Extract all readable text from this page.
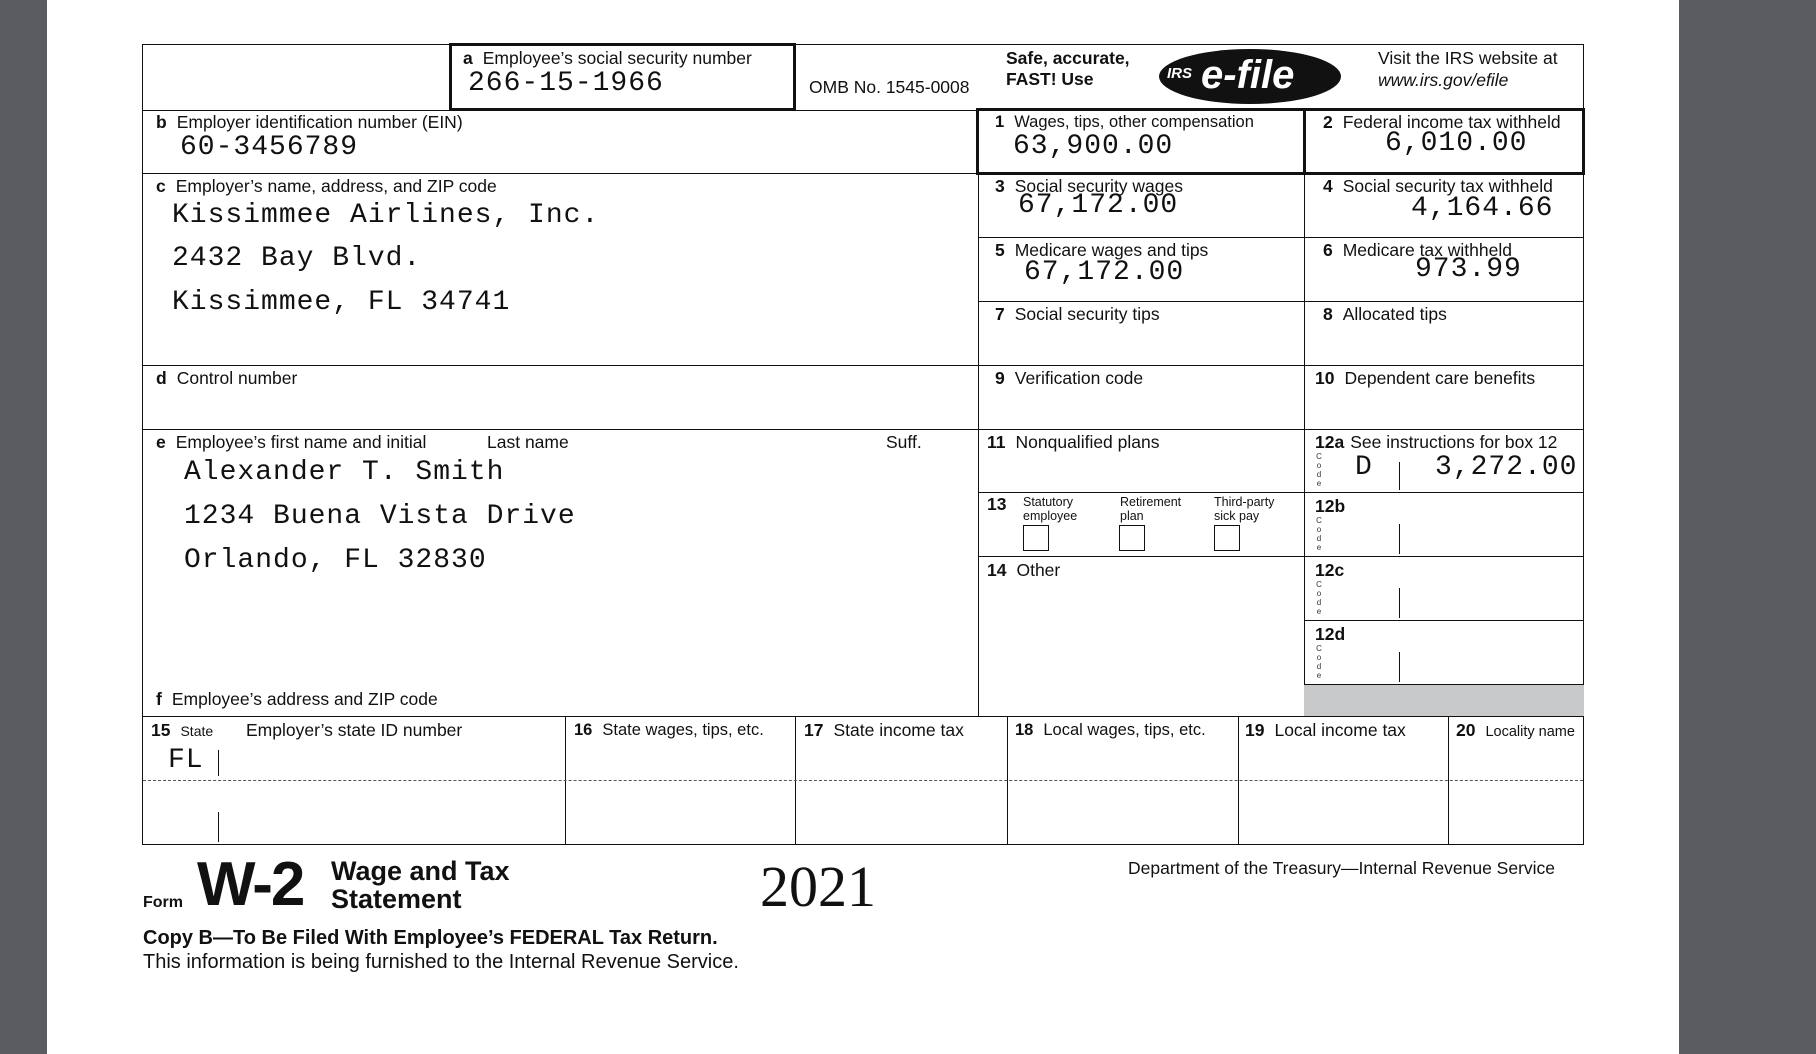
a Employee’s social security number
266-15-1966	OMB No. 1545-0008
Safe, accurate,
FAST! Use	IRS e-file	Visit the IRS website at
www.irs.gov/efile
b Employer identification number (EIN)
60-3456789
c Employer’s name, address, and ZIP code
Kissimmee Airlines, Inc.
2432 Bay Blvd.
Kissimmee, FL 34741
d Control number
e Employee’s first name and initial	Last name	Suff.
Alexander T. Smith
1234 Buena Vista Drive
Orlando, FL 32830
f Employee’s address and ZIP code
1 Wages, tips, other compensation
63,900.00
2 Federal income tax withheld
6,010.00
3 Social security wages
67,172.00
4 Social security tax withheld
4,164.66
5 Medicare wages and tips
67,172.00
6 Medicare tax withheld
973.99
7 Social security tips	8 Allocated tips
9 Verification code	10 Dependent care benefits
11 Nonqualified plans	12a See instructions for box 12
C
o
d
e
D 3,272.00
12b
C
o
d
e
12c
C
o
d
e
12d
C
o
d
e
13	Statutory employee
Retirement plan
Third-party sick pay
14 Other
15 State Employer’s state ID number
FL
16 State wages, tips, etc. 17 State income tax	18 Local wages, tips, etc. 19 Local income tax	20 Locality name
Form W-2 Wage and Tax
Statement	2021	Department of the Treasury—Internal Revenue Service
Copy B—To Be Filed With Employee’s FEDERAL Tax Return.
This information is being furnished to the Internal Revenue Service.
